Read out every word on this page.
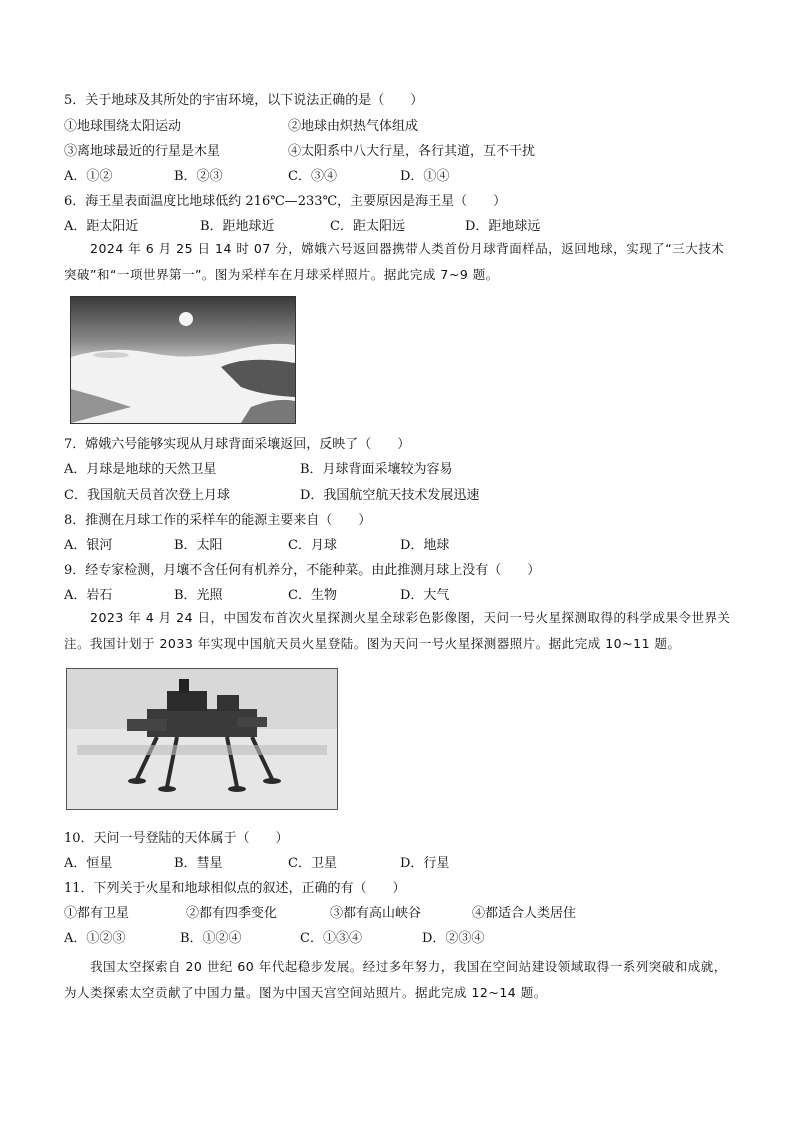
5．关于地球及其所处的宇宙环境，以下说法正确的是（　　）
①地球围绕太阳运动	②地球由炽热气体组成
③离地球最近的行星是木星	④太阳系中八大行星，各行其道，互不干扰
A．①②	B．②③	C．③④	D．①④
6．海王星表面温度比地球低约 216℃—233℃，主要原因是海王星（　　）
A．距太阳近	B．距地球近	C．距太阳远	D．距地球远
2024 年 6 月 25 日 14 时 07 分，嫦娥六号返回器携带人类首份月球背面样品，返回地球，实现了“三大技术突破”和“一项世界第一”。图为采样车在月球采样照片。据此完成 7~9 题。
7．嫦娥六号能够实现从月球背面采壤返回，反映了（　　）
A．月球是地球的天然卫星	B．月球背面采壤较为容易
C．我国航天员首次登上月球	D．我国航空航天技术发展迅速
8．推测在月球工作的采样车的能源主要来自（　　）
A．银河	B．太阳	C．月球	D．地球
9．经专家检测，月壤不含任何有机养分，不能种菜。由此推测月球上没有（　　）
A．岩石	B．光照	C．生物	D．大气
2023 年 4 月 24 日，中国发布首次火星探测火星全球彩色影像图，天问一号火星探测取得的科学成果令世界关注。我国计划于 2033 年实现中国航天员火星登陆。图为天问一号火星探测器照片。据此完成 10~11 题。
10．天问一号登陆的天体属于（　　）
A．恒星	B．彗星	C．卫星	D．行星
11．下列关于火星和地球相似点的叙述，正确的有（　　）
①都有卫星	②都有四季变化	③都有高山峡谷	④都适合人类居住
A．①②③	B．①②④	C．①③④	D．②③④
我国太空探索自 20 世纪 60 年代起稳步发展。经过多年努力，我国在空间站建设领域取得一系列突破和成就，为人类探索太空贡献了中国力量。图为中国天宫空间站照片。据此完成 12~14 题。
